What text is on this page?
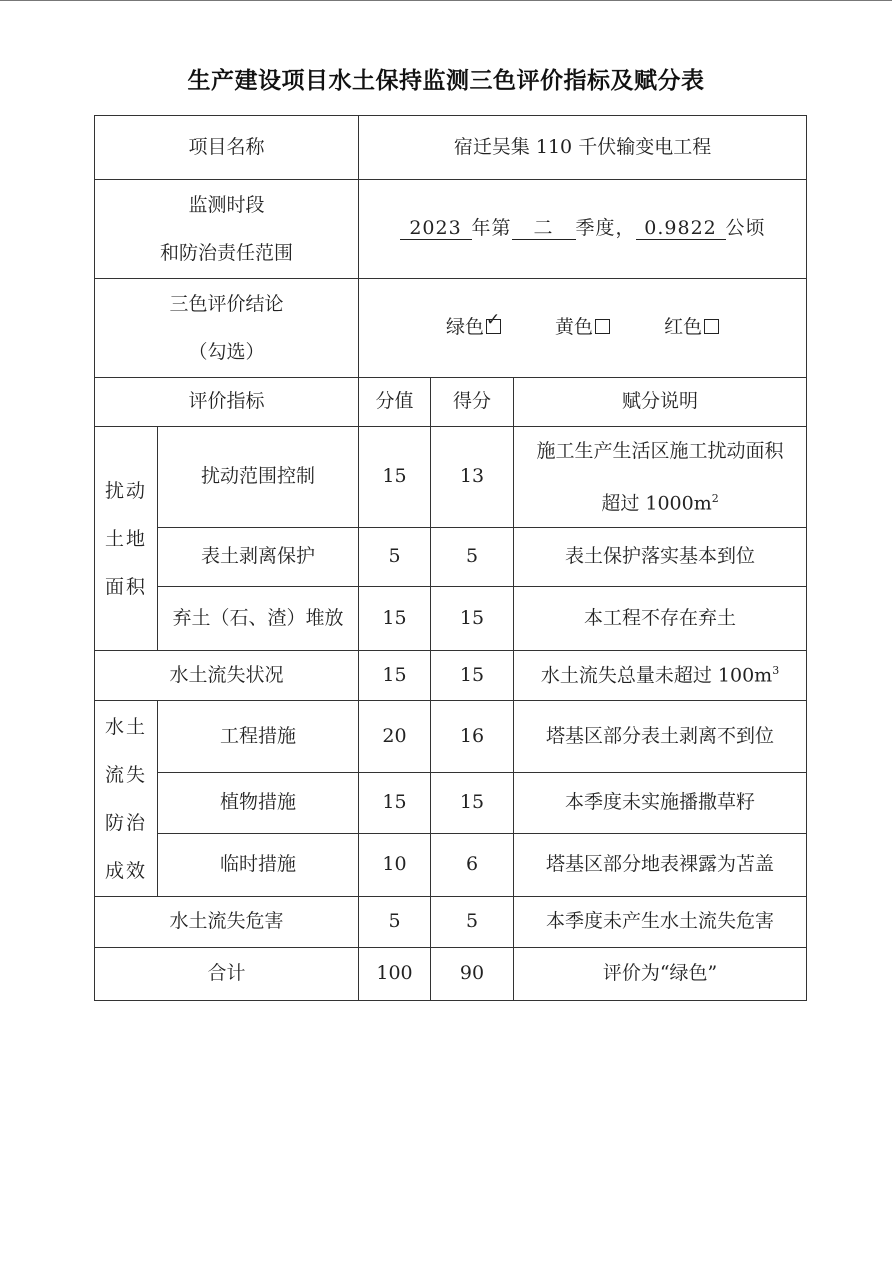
生产建设项目水土保持监测三色评价指标及赋分表
项目名称		宿迁吴集 110 千伏输变电工程		
监测时段
和防治责任范围		2023 年第 二 季度， 0.9822 公顷		
三色评价结论
（勾选）		绿色 ✓ 黄色 红色		
评价指标		分值	得分	赋分说明
扰动
土地
面积	扰动范围控制	15	13	施工生产生活区施工扰动面积
超过 $1000m^2$
	表土剥离保护	5	5	表土保护落实基本到位
	弃土（石、渣）堆放	15	15	本工程不存在弃土
水土流失状况		15	15	水土流失总量未超过 $100m^3$
水土
流失
防治
成效	工程措施	20	16	塔基区部分表土剥离不到位
	植物措施	15	15	本季度未实施播撒草籽
	临时措施	10	6	塔基区部分地表裸露为苫盖
水土流失危害		5	5	本季度未产生水土流失危害
合计		100	90	评价为“绿色”
